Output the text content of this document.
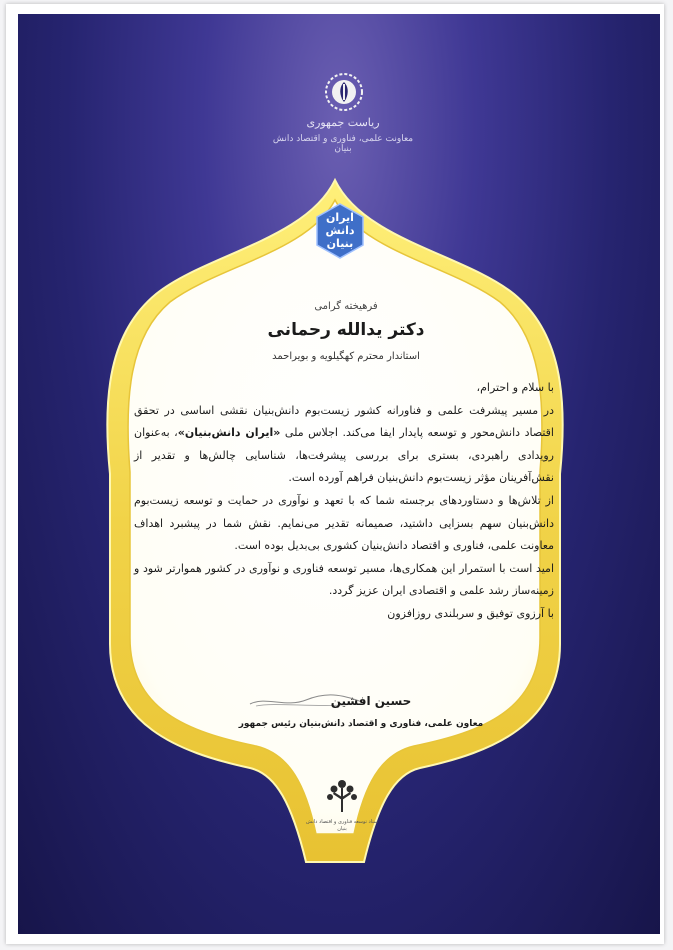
ریاست جمهوری
معاونت علمی، فناوری و اقتصاد دانش بنیان
ایران
دانش
بنیان
فرهیخته گرامی
دکتر یدالله رحمانی
استاندار محترم کهگیلویه و بویراحمد

با سلام و احترام،

در مسیر پیشرفت علمی و فناورانه کشور زیست‌بوم دانش‌بنیان نقشی اساسی در تحقق اقتصاد دانش‌محور و توسعه پایدار ایفا می‌کند. اجلاس ملی «ایران دانش‌بنیان»، به‌عنوان رویدادی راهبردی، بستری برای بررسی پیشرفت‌ها، شناسایی چالش‌ها و تقدیر از نقش‌آفرینان مؤثر زیست‌بوم دانش‌بنیان فراهم آورده است.

از تلاش‌ها و دستاوردهای برجسته شما که با تعهد و نوآوری در حمایت و توسعه زیست‌بوم دانش‌بنیان سهم بسزایی داشتید، صمیمانه تقدیر می‌نمایم. نقش شما در پیشبرد اهداف معاونت علمی، فناوری و اقتصاد دانش‌بنیان کشوری بی‌بدیل بوده است.

امید است با استمرار این همکاری‌ها، مسیر توسعه فناوری و نوآوری در کشور هموارتر شود و زمینه‌ساز رشد علمی و اقتصادی ایران عزیز گردد.

با آرزوی توفیق و سربلندی روزافزون

حسین افشین
معاون علمی، فناوری و اقتصاد دانش‌بنیان رئیس جمهور
ستاد توسعه فناوری و اقتصاد دانش بنیان
